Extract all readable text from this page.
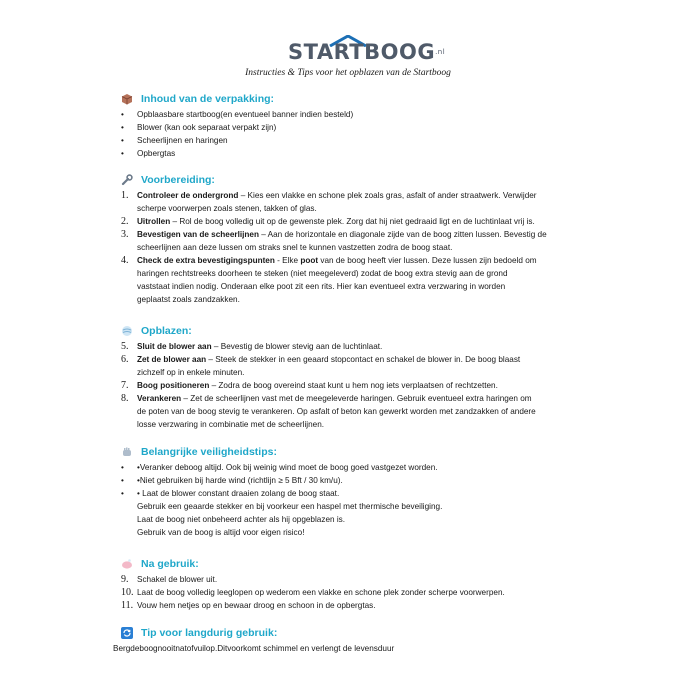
$STARTBOOG^{.nl}$
Instructies & Tips voor het opblazen van de Startboog
Inhoud van de verpakking:
•	Opblaasbare startboog(en eventueel banner indien besteld)
•	Blower (kan ook separaat verpakt zijn)
•	Scheerlijnen en haringen
•	Opbergtas
Voorbereiding:
1.	Controleer de ondergrond – Kies een vlakke en schone plek zoals gras, asfalt of ander straatwerk. Verwijder
scherpe voorwerpen zoals stenen, takken of glas.
2.	Uitrollen – Rol de boog volledig uit op de gewenste plek. Zorg dat hij niet gedraaid ligt en de luchtinlaat vrij is.
3.	Bevestigen van de scheerlijnen – Aan de horizontale en diagonale zijde van de boog zitten lussen. Bevestig de
scheerlijnen aan deze lussen om straks snel te kunnen vastzetten zodra de boog staat.
4.	Check de extra bevestigingspunten - Elke poot van de boog heeft vier lussen. Deze lussen zijn bedoeld om
haringen rechtstreeks doorheen te steken (niet meegeleverd) zodat de boog extra stevig aan de grond
vaststaat indien nodig. Onderaan elke poot zit een rits. Hier kan eventueel extra verzwaring in worden
geplaatst zoals zandzakken.
Opblazen:
5.	Sluit de blower aan – Bevestig de blower stevig aan de luchtinlaat.
6.	Zet de blower aan – Steek de stekker in een geaard stopcontact en schakel de blower in. De boog blaast
zichzelf op in enkele minuten.
7.	Boog positioneren – Zodra de boog overeind staat kunt u hem nog iets verplaatsen of rechtzetten.
8.	Verankeren – Zet de scheerlijnen vast met de meegeleverde haringen. Gebruik eventueel extra haringen om
de poten van de boog stevig te verankeren. Op asfalt of beton kan gewerkt worden met zandzakken of andere
losse verzwaring in combinatie met de scheerlijnen.
Belangrijke veiligheidstips:
•	•Veranker deboog altijd. Ook bij weinig wind moet de boog goed vastgezet worden.
•	•Niet gebruiken bij harde wind (richtlijn ≥ 5 Bft / 30 km/u).
•	• Laat de blower constant draaien zolang de boog staat.
Gebruik een geaarde stekker en bij voorkeur een haspel met thermische beveiliging.
Laat de boog niet onbeheerd achter als hij opgeblazen is.
Gebruik van de boog is altijd voor eigen risico!
Na gebruik:
9.	Schakel de blower uit.
10. Laat de boog volledig leeglopen op wederom een vlakke en schone plek zonder scherpe voorwerpen.
11. Vouw hem netjes op en bewaar droog en schoon in de opbergtas.
Tip voor langdurig gebruik:
Bergdeboognooitnatofvuilop.Ditvoorkomt schimmel en verlengt de levensduur
